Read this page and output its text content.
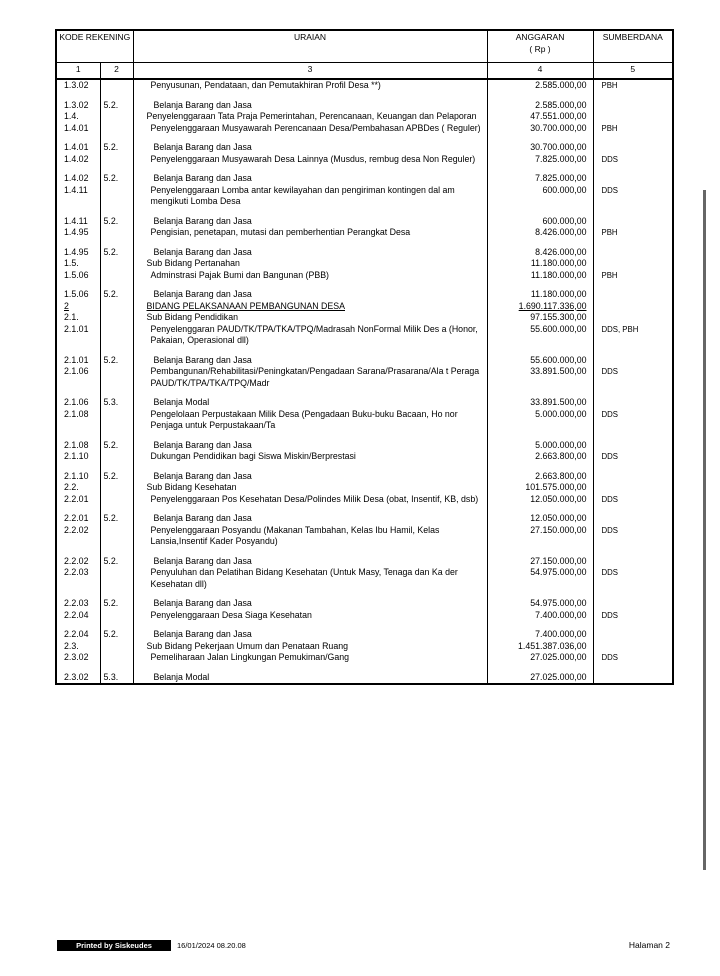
KODE REKENING		URAIAN	ANGGARAN
( Rp )	SUMBERDANA
1	2	3	4	5
1.3.02		Penyusunan, Pendataan, dan Pemutakhiran Profil Desa **)	2.585.000,00	PBH
1.3.02	5.2.	Belanja Barang dan Jasa	2.585.000,00	
1.4.		Penyelenggaraan Tata Praja Pemerintahan, Perencanaan, Keuangan dan Pelaporan	47.551.000,00	
1.4.01		Penyelenggaraan Musyawarah Perencanaan Desa/Pembahasan APBDes ( Reguler)	30.700.000,00	PBH
1.4.01	5.2.	Belanja Barang dan Jasa	30.700.000,00	
1.4.02		Penyelenggaraan Musyawarah Desa Lainnya (Musdus, rembug desa Non Reguler)	7.825.000,00	DDS
1.4.02	5.2.	Belanja Barang dan Jasa	7.825.000,00	
1.4.11		Penyelenggaraan Lomba antar kewilayahan dan pengiriman kontingen dal am mengikuti Lomba Desa	600.000,00	DDS
1.4.11	5.2.	Belanja Barang dan Jasa	600.000,00	
1.4.95		Pengisian, penetapan, mutasi dan pemberhentian Perangkat Desa	8.426.000,00	PBH
1.4.95	5.2.	Belanja Barang dan Jasa	8.426.000,00	
1.5.		Sub Bidang Pertanahan	11.180.000,00	
1.5.06		Adminstrasi Pajak Bumi dan Bangunan (PBB)	11.180.000,00	PBH
1.5.06	5.2.	Belanja Barang dan Jasa	11.180.000,00	
2		BIDANG PELAKSANAAN PEMBANGUNAN DESA	1.690.117.336,00	
2.1.		Sub Bidang Pendidikan	97.155.300,00	
2.1.01		Penyelenggaran PAUD/TK/TPA/TKA/TPQ/Madrasah NonFormal Milik Des a (Honor, Pakaian, Operasional dll)	55.600.000,00	DDS, PBH
2.1.01	5.2.	Belanja Barang dan Jasa	55.600.000,00	
2.1.06		Pembangunan/Rehabilitasi/Peningkatan/Pengadaan Sarana/Prasarana/Ala t Peraga PAUD/TK/TPA/TKA/TPQ/Madr	33.891.500,00	DDS
2.1.06	5.3.	Belanja Modal	33.891.500,00	
2.1.08		Pengelolaan Perpustakaan Milik Desa (Pengadaan Buku-buku Bacaan, Ho nor Penjaga untuk Perpustakaan/Ta	5.000.000,00	DDS
2.1.08	5.2.	Belanja Barang dan Jasa	5.000.000,00	
2.1.10		Dukungan Pendidikan bagi Siswa Miskin/Berprestasi	2.663.800,00	DDS
2.1.10	5.2.	Belanja Barang dan Jasa	2.663.800,00	
2.2.		Sub Bidang Kesehatan	101.575.000,00	
2.2.01		Penyelenggaraan Pos Kesehatan Desa/Polindes Milik Desa (obat, Insentif, KB, dsb)	12.050.000,00	DDS
2.2.01	5.2.	Belanja Barang dan Jasa	12.050.000,00	
2.2.02		Penyelenggaraan Posyandu (Makanan Tambahan, Kelas Ibu Hamil, Kelas Lansia,Insentif Kader Posyandu)	27.150.000,00	DDS
2.2.02	5.2.	Belanja Barang dan Jasa	27.150.000,00	
2.2.03		Penyuluhan dan Pelatihan Bidang Kesehatan (Untuk Masy, Tenaga dan Ka der Kesehatan dll)	54.975.000,00	DDS
2.2.03	5.2.	Belanja Barang dan Jasa	54.975.000,00	
2.2.04		Penyelenggaraan Desa Siaga Kesehatan	7.400.000,00	DDS
2.2.04	5.2.	Belanja Barang dan Jasa	7.400.000,00	
2.3.		Sub Bidang Pekerjaan Umum dan Penataan Ruang	1.451.387.036,00	
2.3.02		Pemeliharaan Jalan Lingkungan Pemukiman/Gang	27.025.000,00	DDS
2.3.02	5.3.	Belanja Modal	27.025.000,00	
Printed by Siskeudes	16/01/2024 08.20.08	Halaman 2
